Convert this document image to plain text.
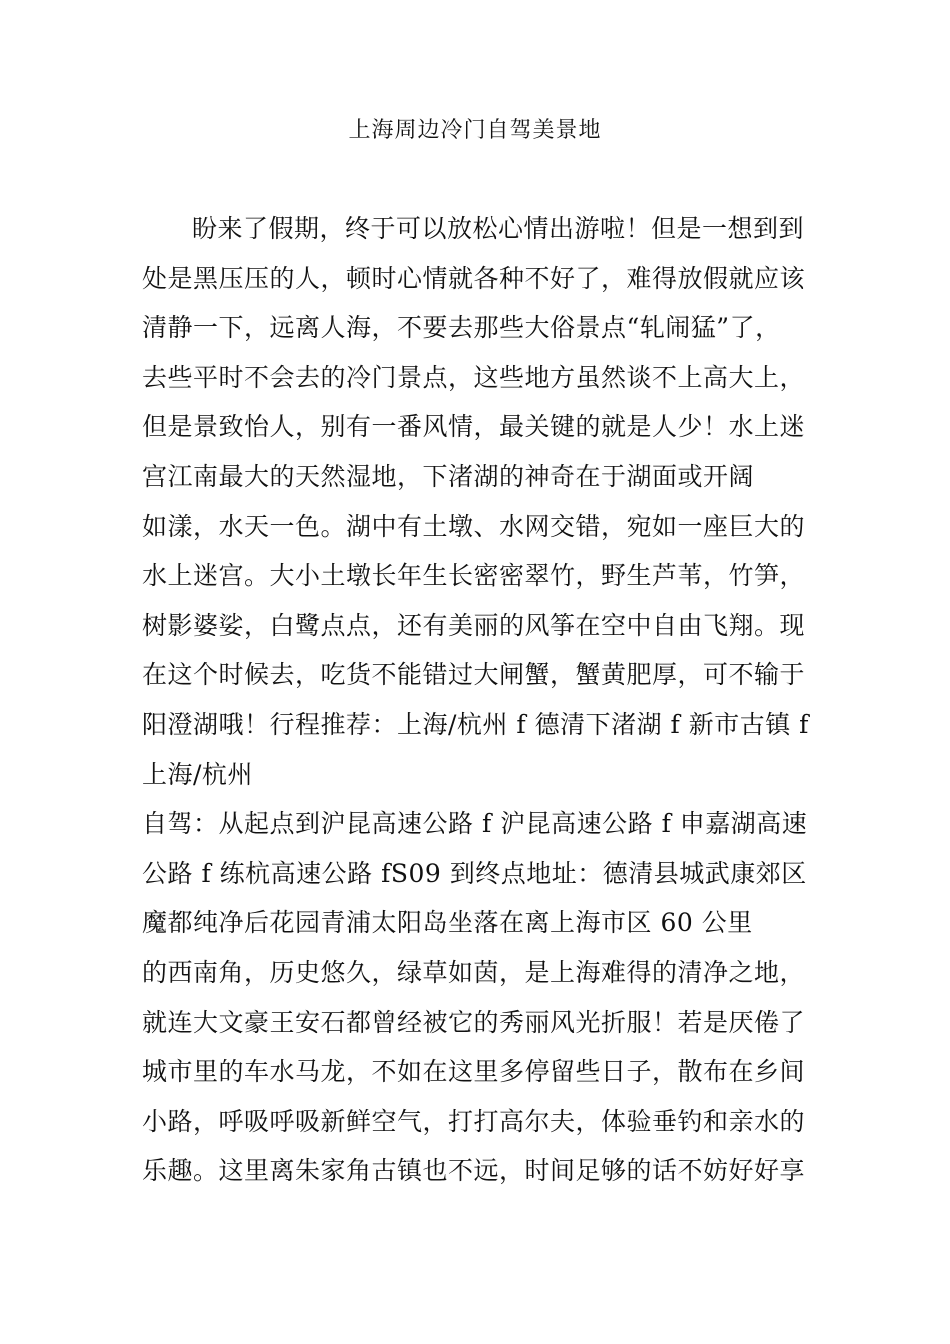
上海周边冷门自驾美景地
盼来了假期，终于可以放松心情出游啦！但是一想到到
处是黑压压的人，顿时心情就各种不好了，难得放假就应该
清静一下，远离人海，不要去那些大俗景点“轧闹猛”了，
去些平时不会去的冷门景点，这些地方虽然谈不上高大上，
但是景致怡人，别有一番风情，最关键的就是人少！水上迷
宫江南最大的天然湿地，下渚湖的神奇在于湖面或开阔
如漾，水天一色。湖中有土墩、水网交错，宛如一座巨大的
水上迷宫。大小土墩长年生长密密翠竹，野生芦苇，竹笋，
树影婆娑，白鹭点点，还有美丽的风筝在空中自由飞翔。现
在这个时候去，吃货不能错过大闸蟹，蟹黄肥厚，可不输于
阳澄湖哦！行程推荐：上海/杭州 f 德清下渚湖 f 新市古镇 f
上海/杭州
自驾：从起点到沪昆高速公路 f 沪昆高速公路 f 申嘉湖高速
公路 f 练杭高速公路 fS09 到终点地址：德清县城武康郊区
魔都纯净后花园青浦太阳岛坐落在离上海市区 60 公里
的西南角，历史悠久，绿草如茵，是上海难得的清净之地，
就连大文豪王安石都曾经被它的秀丽风光折服！若是厌倦了
城市里的车水马龙，不如在这里多停留些日子，散布在乡间
小路，呼吸呼吸新鲜空气，打打高尔夫，体验垂钓和亲水的
乐趣。这里离朱家角古镇也不远，时间足够的话不妨好好享
